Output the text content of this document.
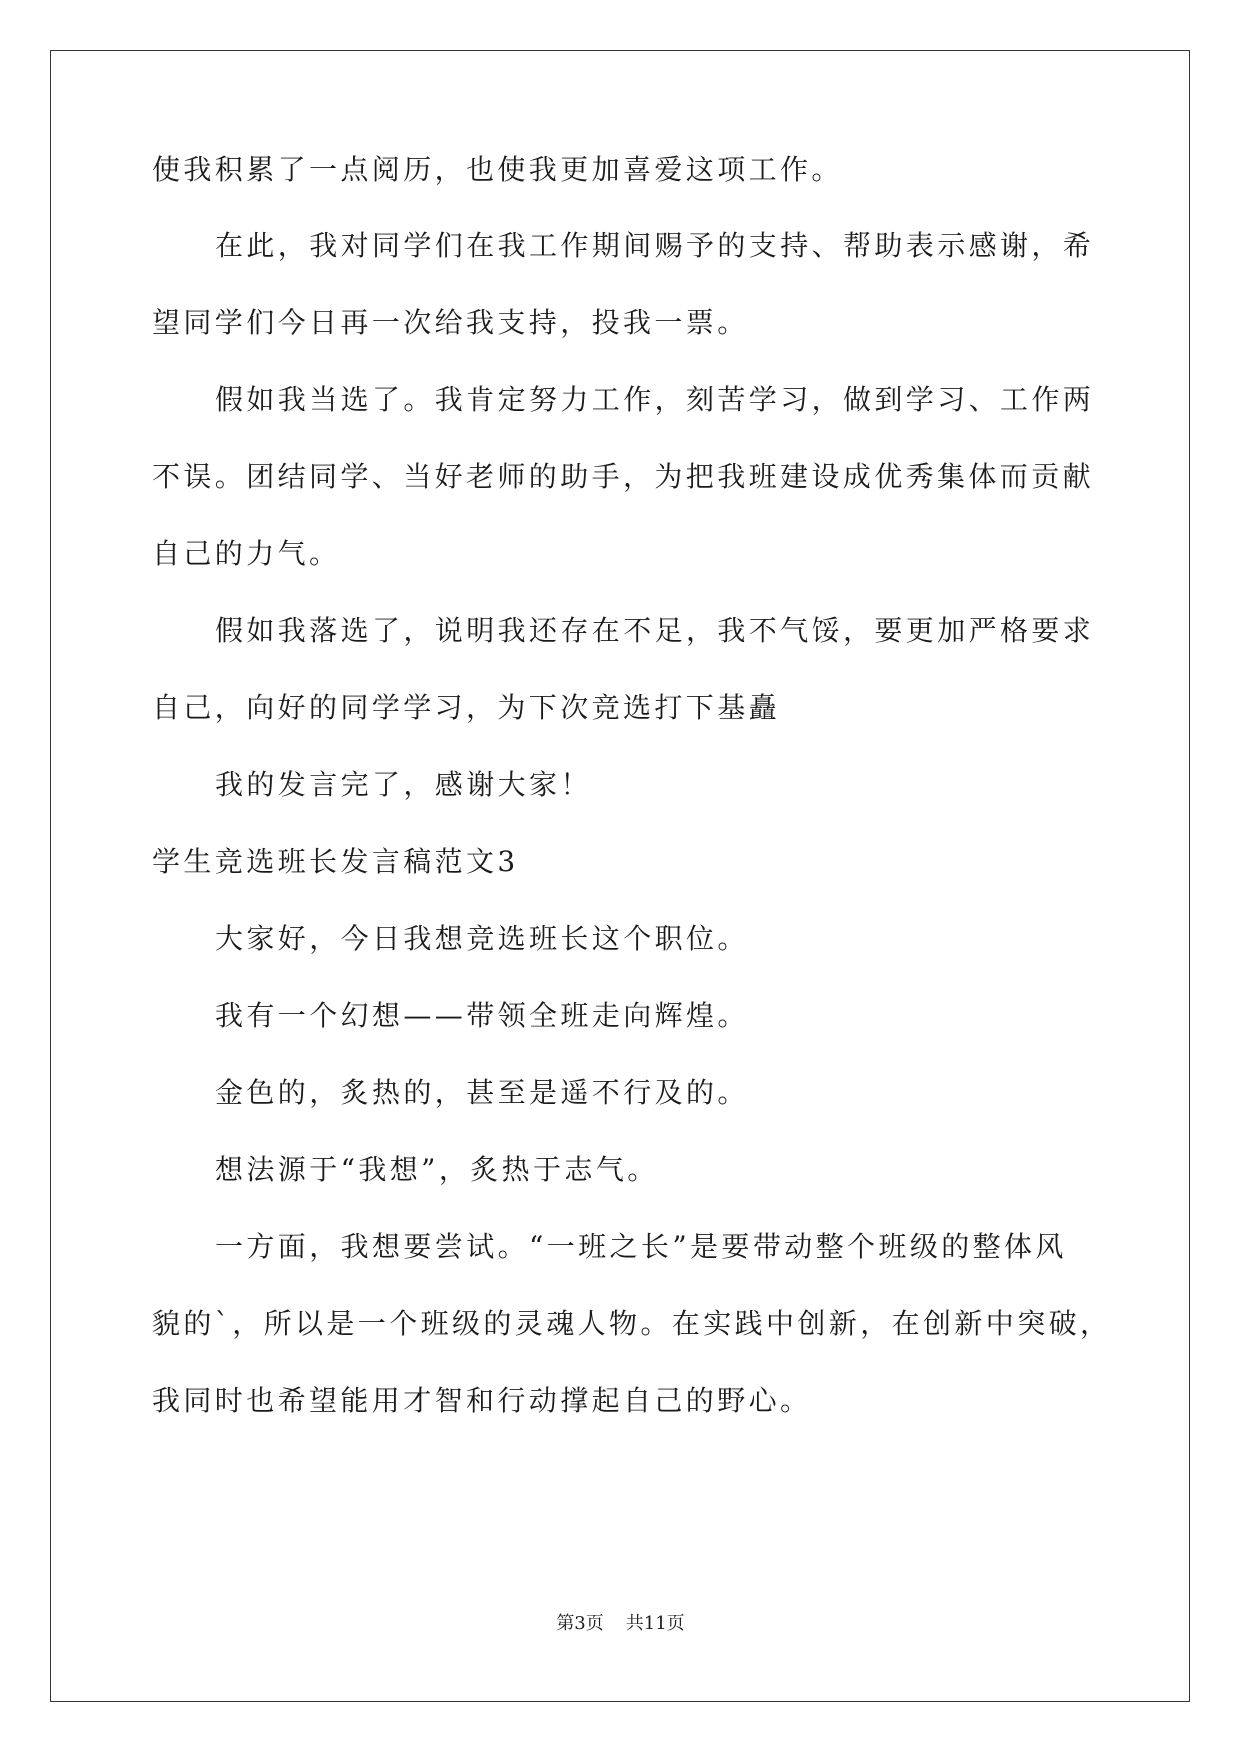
使我积累了一点阅历，也使我更加喜爱这项工作。
在此，我对同学们在我工作期间赐予的支持、帮助表示感谢，希
望同学们今日再一次给我支持，投我一票。
假如我当选了。我肯定努力工作，刻苦学习，做到学习、工作两
不误。团结同学、当好老师的助手，为把我班建设成优秀集体而贡献
自己的力气。
假如我落选了，说明我还存在不足，我不气馁，要更加严格要求
自己，向好的同学学习，为下次竞选打下基矗
我的发言完了，感谢大家！
学生竞选班长发言稿范文3
大家好，今日我想竞选班长这个职位。
我有一个幻想——带领全班走向辉煌。
金色的，炙热的，甚至是遥不行及的。
想法源于“我想”，炙热于志气。
一方面，我想要尝试。“一班之长”是要带动整个班级的整体风
貌的`，所以是一个班级的灵魂人物。在实践中创新，在创新中突破，
我同时也希望能用才智和行动撑起自己的野心。
第3页 共11页
